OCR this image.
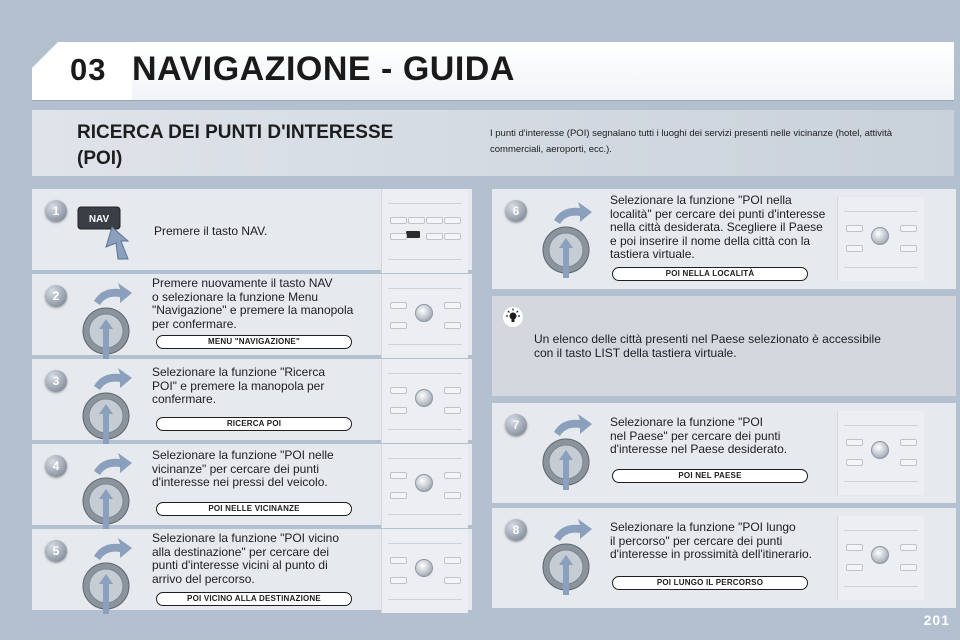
03 NAVIGAZIONE - GUIDA
RICERCA DEI PUNTI D'INTERESSE
(POI)
I punti d'interesse (POI) segnalano tutti i luoghi dei servizi presenti nelle vicinanze (hotel, attività
commerciali, aeroporti, ecc.).
1
NAV
Premere il tasto NAV.
2
Premere nuovamente il tasto NAV
o selezionare la funzione Menu
"Navigazione" e premere la manopola
per confermare.
MENU "NAVIGAZIONE"
3
Selezionare la funzione "Ricerca
POI" e premere la manopola per
confermare.
RICERCA POI
4
Selezionare la funzione "POI nelle
vicinanze" per cercare dei punti
d'interesse nei pressi del veicolo.
POI NELLE VICINANZE
5
Selezionare la funzione "POI vicino
alla destinazione" per cercare dei
punti d'interesse vicini al punto di
arrivo del percorso.
POI VICINO ALLA DESTINAZIONE
6
Selezionare la funzione "POI nella
località" per cercare dei punti d'interesse
nella città desiderata. Scegliere il Paese
e poi inserire il nome della città con la
tastiera virtuale.
POI NELLA LOCALITÀ
Un elenco delle città presenti nel Paese selezionato è accessibile
con il tasto LIST della tastiera virtuale.
7	Selezionare la funzione "POI
nel Paese" per cercare dei punti
d'interesse nel Paese desiderato.
POI NEL PAESE
8	Selezionare la funzione "POI lungo
il percorso" per cercare dei punti
d'interesse in prossimità dell'itinerario.
POI LUNGO IL PERCORSO
201
